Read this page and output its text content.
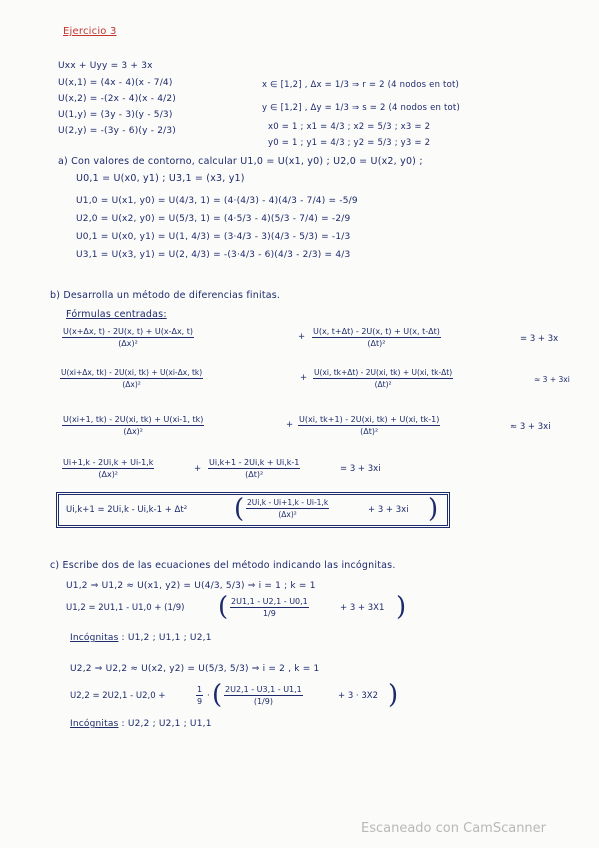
Ejercicio 3
Uxx + Uyy = 3 + 3x
U(x,1) = (4x - 4)(x - 7/4)
U(x,2) = -(2x - 4)(x - 4/2)
U(1,y) = (3y - 3)(y - 5/3)
U(2,y) = -(3y - 6)(y - 2/3)
x ∈ [1,2] , Δx = 1/3 ⇒ r = 2 (4 nodos en tot)
y ∈ [1,2] , Δy = 1/3 ⇒ s = 2 (4 nodos en tot)
x0 = 1 ; x1 = 4/3 ; x2 = 5/3 ; x3 = 2
y0 = 1 ; y1 = 4/3 ; y2 = 5/3 ; y3 = 2
a) Con valores de contorno, calcular U1,0 = U(x1, y0) ; U2,0 = U(x2, y0) ;
U0,1 = U(x0, y1) ; U3,1 = (x3, y1)
U1,0 = U(x1, y0) = U(4/3, 1) = (4·(4/3) - 4)(4/3 - 7/4) = -5/9
U2,0 = U(x2, y0) = U(5/3, 1) = (4·5/3 - 4)(5/3 - 7/4) = -2/9
U0,1 = U(x0, y1) = U(1, 4/3) = (3·4/3 - 3)(4/3 - 5/3) = -1/3
U3,1 = U(x3, y1) = U(2, 4/3) = -(3·4/3 - 6)(4/3 - 2/3) = 4/3
b) Desarrolla un método de diferencias finitas.
Fórmulas centradas:
U(x+Δx, t) - 2U(x, t) + U(x-Δx, t)
(Δx)²
+
U(x, t+Δt) - 2U(x, t) + U(x, t-Δt)
(Δt)²	= 3 + 3x
U(xi+Δx, tk) - 2U(xi, tk) + U(xi-Δx, tk)
(Δx)²
+
U(xi, tk+Δt) - 2U(xi, tk) + U(xi, tk-Δt)
(Δt)²
≈ 3 + 3xi
U(xi+1, tk) - 2U(xi, tk) + U(xi-1, tk)
(Δx)²
+
U(xi, tk+1) - 2U(xi, tk) + U(xi, tk-1)
(Δt)²	≈ 3 + 3xi
Ui+1,k - 2Ui,k + Ui-1,k
(Δx)²
+
Ui,k+1 - 2Ui,k + Ui,k-1
(Δt)²
= 3 + 3xi
Ui,k+1 = 2Ui,k - Ui,k-1 + Δt² ( 2Ui,k - Ui+1,k - Ui-1,k
(Δx)²	+ 3 + 3xi )
c) Escribe dos de las ecuaciones del método indicando las incógnitas.
U1,2 ⇒ U1,2 ≈ U(x1, y2) = U(4/3, 5/3) ⇒ i = 1 ; k = 1
U1,2 = 2U1,1 - U1,0 + (1/9) ( 2U1,1 - U2,1 - U0,1
1/9
+ 3 + 3X1 )
Incógnitas : U1,2 ; U1,1 ; U2,1
U2,2 ⇒ U2,2 ≈ U(x2, y2) = U(5/3, 5/3) ⇒ i = 2 , k = 1
U2,2 = 2U2,1 - U2,0 +
1
9
· ( 2U2,1 - U3,1 - U1,1
(1/9)
+ 3 · 3X2 )
Incógnitas : U2,2 ; U2,1 ; U1,1
Escaneado con CamScanner
